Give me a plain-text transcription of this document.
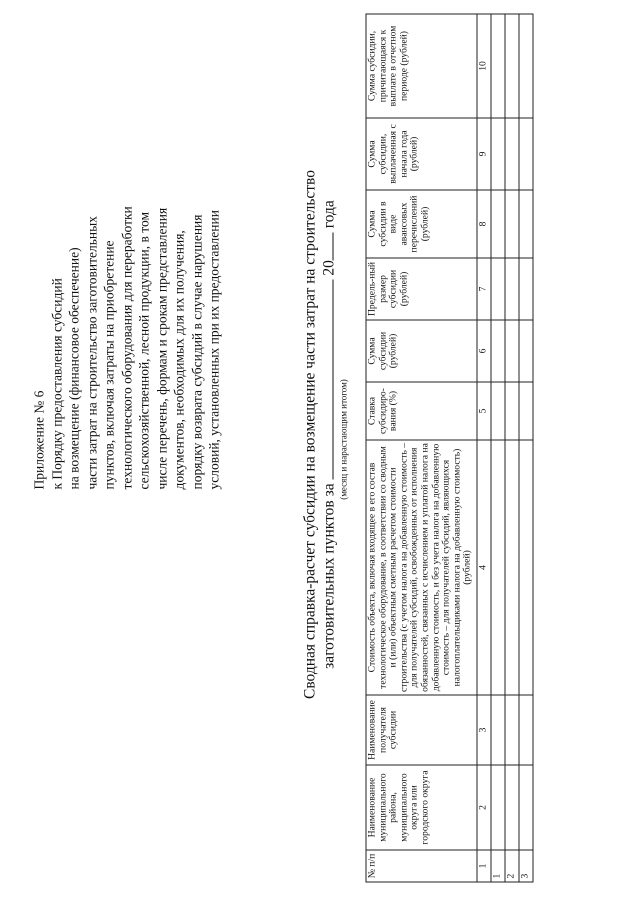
Приложение № 6 к Порядку предоставления субсидий на возмещение (финансовое обеспечение) части затрат на строительство заготовительных пунктов, включая затраты на приобретение технологического оборудования для переработки сельскохозяйственной, лесной продукции, в том числе перечень, формам и срокам представления документов, необходимых для их получения, порядку возврата субсидий в случае нарушения условий, установленных при их предоставлении	Сводная справка-расчет субсидии на возмещение части затрат на строительство заготовительных пунктов за  20 года
(месяц и нарастающим итогом)
№ п/п	Наименование муниципального района, муниципального округа или городского округа	Наименование получателя субсидии	Стоимость объекта, включая входящее в его состав технологическое оборудование, в соответствии со сводным и (или) объектным сметным расчетом стоимости строительства (с учетом налога на добавленную стоимость – для получателей субсидий, освобожденных от исполнения обязанностей, связанных с исчислением и уплатой налога на добавленную стоимость, и без учета налога на добавленную стоимость – для получателей субсидий, являющихся налогоплательщиками налога на добавленную стоимость) (рублей)	Ставка субсидиро-вания (%)	Сумма субсидии (рублей)	Предель-ный размер субсидии (рублей)	Сумма субсидии в виде авансовых перечислений (рублей)	Сумма субсидии, выплаченная с начала года (рублей)	Сумма субсидии, причитающаяся к выплате в отчетном периоде (рублей)
1	2	3	4	5	6	7	8	9	10
1									
2									
3									
